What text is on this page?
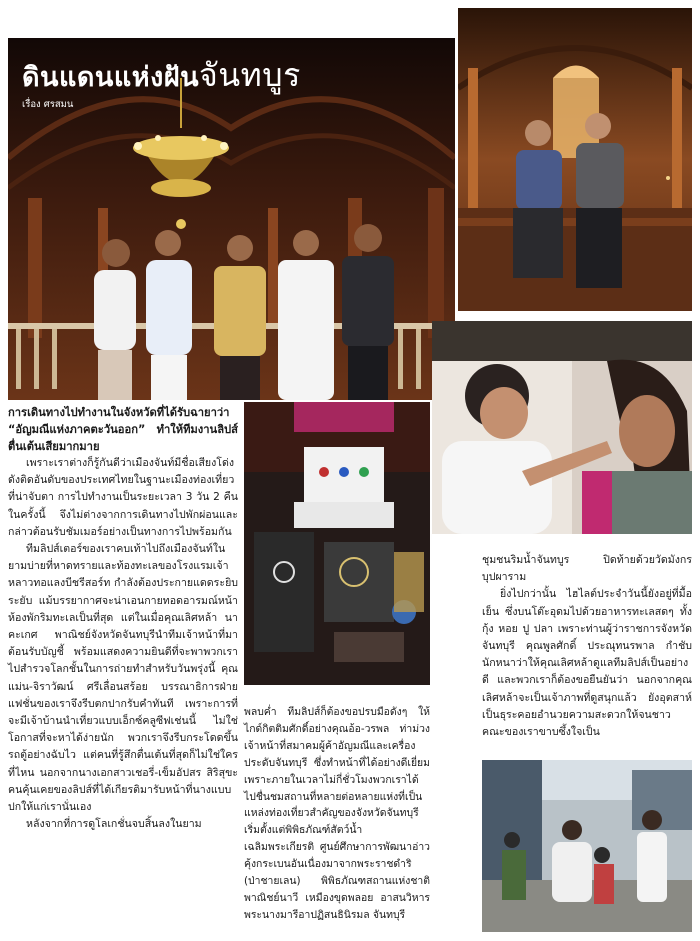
ดินแดนแห่งฝันจันทบูร
เรื่อง ศรสมน

การเดินทางไปทำงานในจังหวัดที่ได้รับฉายาว่า “อัญมณีแห่งภาคตะวันออก” ทำให้ทีมงานลิปส์ตื่นเต้นเสียมากมาย

เพราะเราต่างก็รู้กันดีว่าเมืองจันท์มีชื่อเสียงโด่งดังติดอันดับของประเทศไทยในฐานะเมืองท่องเที่ยวที่น่าจับตา การไปทำงานเป็นระยะเวลา 3 วัน 2 คืนในครั้งนี้ จึงไม่ต่างจากการเดินทางไปพักผ่อนและกล่าวต้อนรับชัมเมอร์อย่างเป็นทางการไปพร้อมกัน

ทีมลิปส์เตอร์ของเราคบเท้าไปถึงเมืองจันท์ในยามบ่ายที่หาดทรายและท้องทะเลของโรงแรมเจ้าหลาวทอแลงบีชรีสอร์ท กำลังต้องประกายแดดระยิบระยับ แม้บรรยากาศจะน่าเอนกายทอดอารมณ์หน้าห้องพักริมทะเลเป็นที่สุด แต่ในเมื่อคุณเลิศหล้า นาคะเกศ พาณิชย์จังหวัดจันทบุรีนำทีมเจ้าหน้าที่มาต้อนรับบัญชี้ พร้อมแสดงความยินดีที่จะพาพวกเราไปสำรวจโลกชั้นในการถ่ายทำสำหรับวันพรุ่งนี้ คุณแม่น-จิราวัฒน์ ศรีเลื่อนสร้อย บรรณาธิการฝ่ายแฟชั่นของเราจึงรีบตกปากรับคำทันที เพราะการที่จะมีเจ้าบ้านนำเที่ยวแบบเอ็กซ์คลูซีฟเช่นนี้ ไม่ใช่โอกาสที่จะหาได้ง่ายนัก พวกเราจึงรีบกระโดดขึ้นรถตู้อย่างฉับไว แต่คนที่รู้สึกตื่นเต้นที่สุดก็ไม่ใช่ใครที่ไหน นอกจากนางเอกสาวเชอรี่-เข็มอัปสร สิริสุขะ คนคุ้นเคยของลิปส์ที่ได้เกียรติมารับหน้าที่นางแบบปกให้แก่เรานั่นเอง

หลังจากที่การดูโลเกชั่นจบสิ้นลงในยาม

พลบค่ำ ทีมลิปส์ก็ต้องขอปรบมือดังๆ ให้ไกด์กิตติมศักดิ์อย่างคุณอ้อ-วรพล ท่าม่วง เจ้าหน้าที่สมาคมผู้ค้าอัญมณีและเครื่องประดับจันทบุรี ซึ่งทำหน้าที่ได้อย่างดีเยี่ยม เพราะภายในเวลาไม่กี่ชั่วโมงพวกเราได้ไปชื่นชมสถานที่หลายต่อหลายแห่งที่เป็นแหล่งท่องเที่ยวสำคัญของจังหวัดจันทบุรี เริ่มตั้งแต่พิพิธภัณฑ์สัตว์น้ำเฉลิมพระเกียรติ ศูนย์ศึกษาการพัฒนาอ่าวคุ้งกระเบนอันเนื่องมาจากพระราชดำริ (ป่าชายเลน) พิพิธภัณฑสถานแห่งชาติพาณิชย์นาวี เหมืองขุดพลอย อาสนวิหารพระนางมารีอาปฏิสนธินิรมล จันทบุรี

ชุมชนริมน้ำจันทบูร ปิดท้ายด้วยวัดมังกรบุปผาราม

ยิ่งไปกว่านั้น ไฮไลต์ประจำวันนี้ยังอยู่ที่มื้อเย็น ซึ่งบนโต๊ะอุดมไปด้วยอาหารทะเลสดๆ ทั้งกุ้ง หอย ปู ปลา เพราะท่านผู้ว่าราชการจังหวัดจันทบุรี คุณพูลศักดิ์ ประณุทนรพาล กำชับนักหนาว่าให้คุณเลิศหล้าดูแลทีมลิปส์เป็นอย่างดี และพวกเราก็ต้องขอยืนยันว่า นอกจากคุณเลิศหล้าจะเป็นเจ้าภาพที่ดูสนุกแล้ว ยังอุตสาห์เป็นธุระคอยอำนวยความสะดวกให้จนชาวคณะของเราขาบซึ้งใจเป็น
